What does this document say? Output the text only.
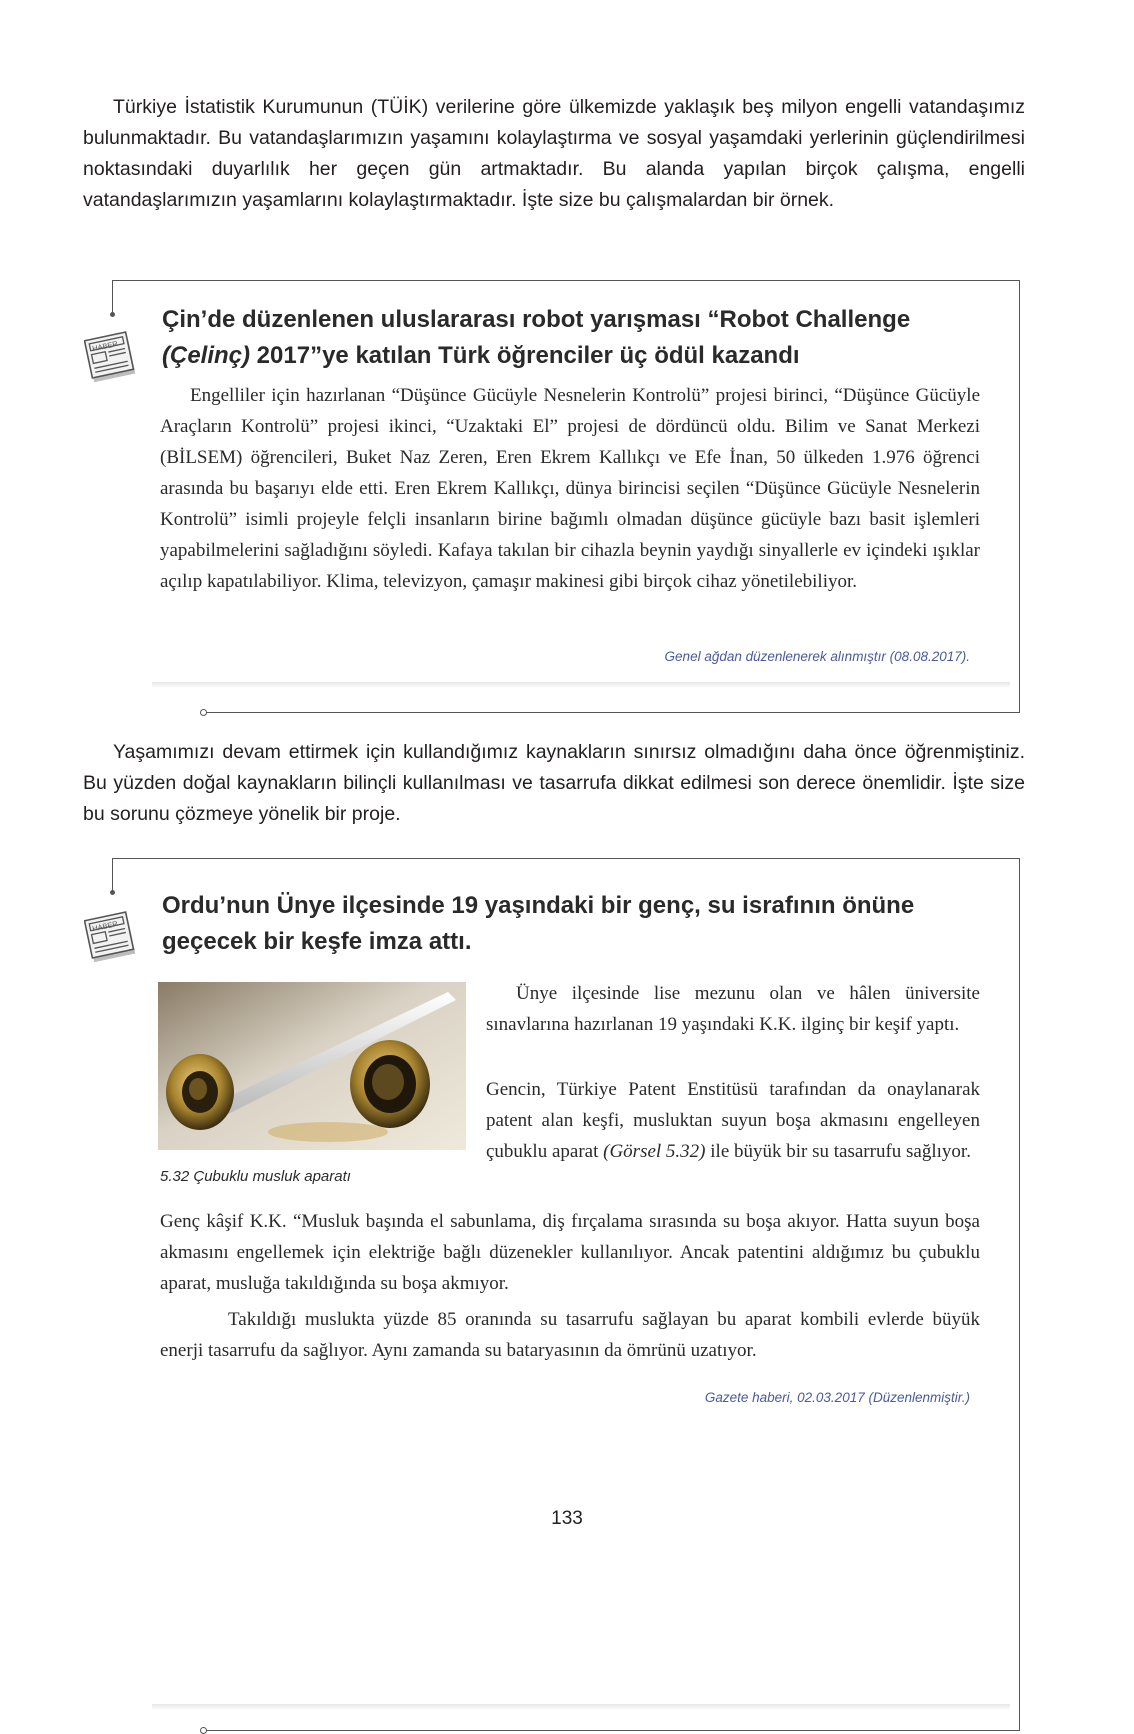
Türkiye İstatistik Kurumunun (TÜİK) verilerine göre ülkemizde yaklaşık beş milyon engelli vatandaşımız bulunmaktadır. Bu vatandaşlarımızın yaşamını kolaylaştırma ve sosyal yaşamdaki yerlerinin güçlendirilmesi noktasındaki duyarlılık her geçen gün artmaktadır. Bu alanda yapılan birçok çalışma, engelli vatandaşlarımızın yaşamlarını kolaylaştırmaktadır. İşte size bu çalışmalardan bir örnek.

HABER
Çin’de düzenlenen uluslararası robot yarışması “Robot Challenge (Çelinç) 2017”ye katılan Türk öğrenciler üç ödül kazandı

Engelliler için hazırlanan “Düşünce Gücüyle Nesnelerin Kontrolü” projesi birinci, “Düşünce Gücüyle Araçların Kontrolü” projesi ikinci, “Uzaktaki El” projesi de dördüncü oldu. Bilim ve Sanat Merkezi (BİLSEM) öğrencileri, Buket Naz Zeren, Eren Ekrem Kallıkçı ve Efe İnan, 50 ülkeden 1.976 öğrenci arasında bu başarıyı elde etti. Eren Ekrem Kallıkçı, dünya birincisi seçilen “Düşünce Gücüyle Nesnelerin Kontrolü” isimli projeyle felçli insanların birine bağımlı olmadan düşünce gücüyle bazı basit işlemleri yapabilmelerini sağladığını söyledi. Kafaya takılan bir cihazla beynin yaydığı sinyallerle ev içindeki ışıklar açılıp kapatılabiliyor. Klima, televizyon, çamaşır makinesi gibi birçok cihaz yönetilebiliyor.

Genel ağdan düzenlenerek alınmıştır (08.08.2017).

Yaşamımızı devam ettirmek için kullandığımız kaynakların sınırsız olmadığını daha önce öğrenmiştiniz. Bu yüzden doğal kaynakların bilinçli kullanılması ve tasarrufa dikkat edilmesi son derece önemlidir. İşte size bu sorunu çözmeye yönelik bir proje.

HABER
Ordu’nun Ünye ilçesinde 19 yaşındaki bir genç, su israfının önüne geçecek bir keşfe imza attı.
5.32 Çubuklu musluk aparatı

Ünye ilçesinde lise mezunu olan ve hâlen üniversite sınavlarına hazırlanan 19 yaşındaki K.K. ilginç bir keşif yaptı.

Gencin, Türkiye Patent Enstitüsü tarafından da onaylanarak patent alan keşfi, musluktan suyun boşa akmasını engelleyen çubuklu aparat (Görsel 5.32) ile büyük bir su tasarrufu sağlıyor.

Genç kâşif K.K. “Musluk başında el sabunlama, diş fırçalama sırasında su boşa akıyor. Hatta suyun boşa akmasını engellemek için elektriğe bağlı düzenekler kullanılıyor. Ancak patentini aldığımız bu çubuklu aparat, musluğa takıldığında su boşa akmıyor.

Takıldığı muslukta yüzde 85 oranında su tasarrufu sağlayan bu aparat kombili evlerde büyük enerji tasarrufu da sağlıyor. Aynı zamanda su bataryasının da ömrünü uzatıyor.

Gazete haberi, 02.03.2017 (Düzenlenmiştir.)
133
